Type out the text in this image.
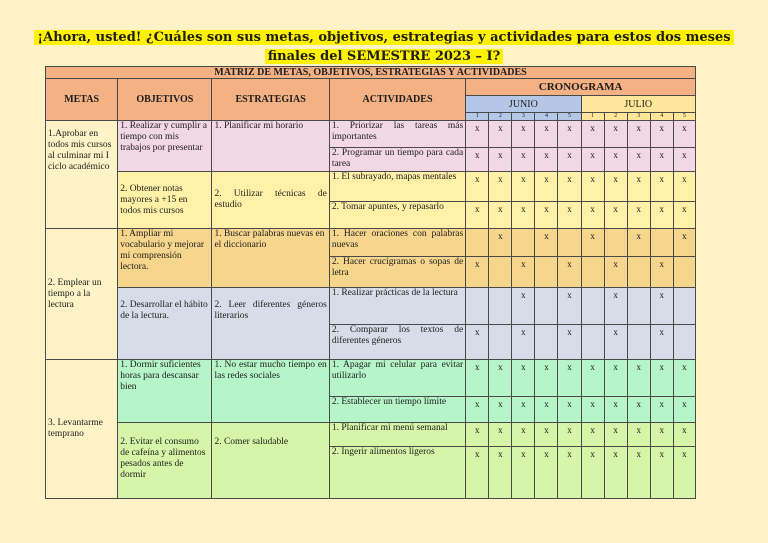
¡Ahora, usted! ¿Cuáles son sus metas, objetivos, estrategias y actividades para estos dos meses
finales del SEMESTRE 2023 – I?
MATRIZ DE METAS, OBJETIVOS, ESTRATEGIAS Y ACTIVIDADES													
METAS	OBJETIVOS	ESTRATEGIAS	ACTIVIDADES	CRONOGRAMA									
				JUNIO					JULIO				
				1	2	3	4	5	1	2	3	4	5
1.Aprobar en todos mis cursos al culminar mi I ciclo académico	1. Realizar y cumplir a tiempo con mis trabajos por presentar	1. Planificar mi horario	1. Priorizar las tareas más importantes	x	x	x	x	x	x	x	x	x	x
			2. Programar un tiempo para cada tarea	x	x	x	x	x	x	x	x	x	x
	2. Obtener notas mayores a +15 en todos mis cursos	2. Utilizar técnicas de estudio	1. El subrayado, mapas mentales	x	x	x	x	x	x	x	x	x	x
			2. Tomar apuntes, y repasarlo	x	x	x	x	x	x	x	x	x	x
2. Emplear un tiempo a la lectura	1. Ampliar mi vocabulario y mejorar mi comprensión lectora.	1. Buscar palabras nuevas en el diccionario	1. Hacer oraciones con palabras nuevas		x		x		x		x		x
			2. Hacer crucigramas o sopas de letra	x		x		x		x		x	
	2. Desarrollar el hábito de la lectura.	2. Leer diferentes géneros literarios	1. Realizar prácticas de la lectura			x		x		x		x	
			2. Comparar los textos de diferentes géneros	x		x		x		x		x	
3. Levantarme temprano	1. Dormir suficientes horas para descansar bien	1. No estar mucho tiempo en las redes sociales	1. Apagar mi celular para evitar utilizarlo	x	x	x	x	x	x	x	x	x	x
			2. Establecer un tiempo límite	x	x	x	x	x	x	x	x	x	x
	2. Evitar el consumo de cafeína y alimentos pesados antes de dormir	2. Comer saludable	1. Planificar mi menú semanal	x	x	x	x	x	x	x	x	x	x
			2. Ingerir alimentos ligeros	x	x	x	x	x	x	x	x	x	x
